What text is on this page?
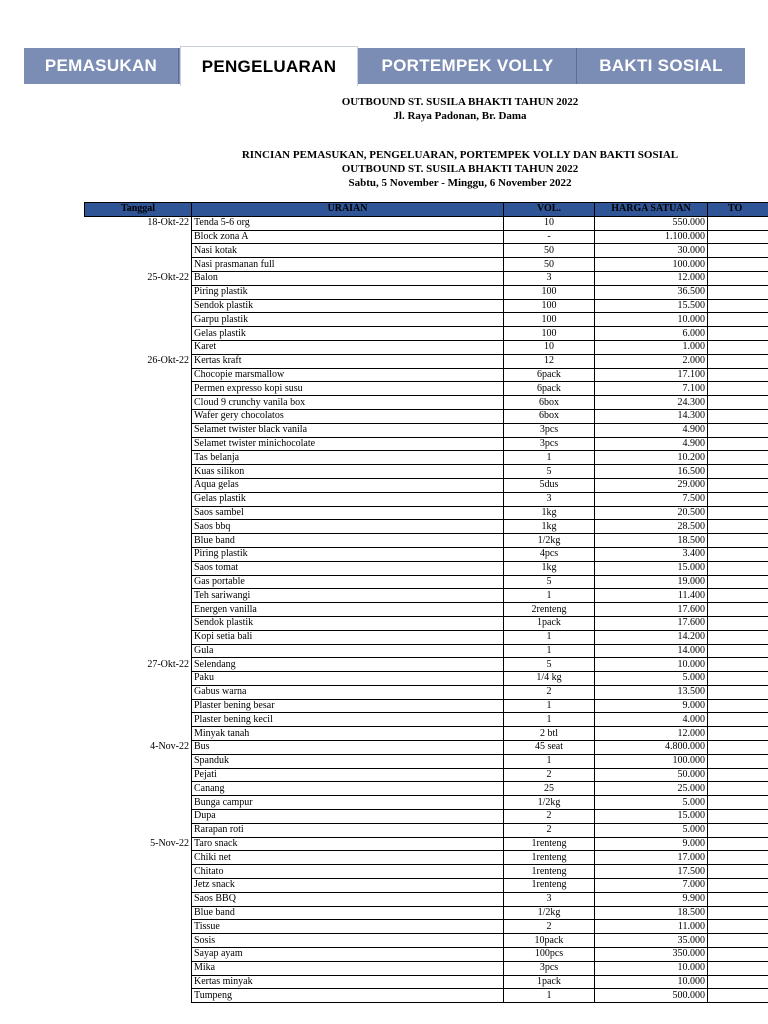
PEMASUKAN	PENGELUARAN	PORTEMPEK VOLLY	BAKTI SOSIAL
OUTBOUND ST. SUSILA BHAKTI TAHUN 2022
Jl. Raya Padonan, Br. Dama
RINCIAN PEMASUKAN, PENGELUARAN, PORTEMPEK VOLLY DAN BAKTI SOSIAL
OUTBOUND ST. SUSILA BHAKTI TAHUN 2022
Sabtu, 5 November - Minggu, 6 November 2022
Tanggal	URAIAN	VOL.	HARGA SATUAN	TO
18-Okt-22	Tenda 5-6 org	10	550.000	
	Block zona A	-	1.100.000	
	Nasi kotak	50	30.000	
	Nasi prasmanan full	50	100.000	
25-Okt-22	Balon	3	12.000	
	Piring plastik	100	36.500	
	Sendok plastik	100	15.500	
	Garpu plastik	100	10.000	
	Gelas plastik	100	6.000	
	Karet	10	1.000	
26-Okt-22	Kertas kraft	12	2.000	
	Chocopie marsmallow	6pack	17.100	
	Permen expresso kopi susu	6pack	7.100	
	Cloud 9 crunchy vanila box	6box	24.300	
	Wafer gery chocolatos	6box	14.300	
	Selamet twister black vanila	3pcs	4.900	
	Selamet twister minichocolate	3pcs	4.900	
	Tas belanja	1	10.200	
	Kuas silikon	5	16.500	
	Aqua gelas	5dus	29.000	
	Gelas plastik	3	7.500	
	Saos sambel	1kg	20.500	
	Saos bbq	1kg	28.500	
	Blue band	1/2kg	18.500	
	Piring plastik	4pcs	3.400	
	Saos tomat	1kg	15.000	
	Gas portable	5	19.000	
	Teh sariwangi	1	11.400	
	Energen vanilla	2renteng	17.600	
	Sendok plastik	1pack	17.600	
	Kopi setia bali	1	14.200	
	Gula	1	14.000	
27-Okt-22	Selendang	5	10.000	
	Paku	1/4 kg	5.000	
	Gabus warna	2	13.500	
	Plaster bening besar	1	9.000	
	Plaster bening kecil	1	4.000	
	Minyak tanah	2 btl	12.000	
4-Nov-22	Bus	45 seat	4.800.000	
	Spanduk	1	100.000	
	Pejati	2	50.000	
	Canang	25	25.000	
	Bunga campur	1/2kg	5.000	
	Dupa	2	15.000	
	Rarapan roti	2	5.000	
5-Nov-22	Taro snack	1renteng	9.000	
	Chiki net	1renteng	17.000	
	Chitato	1renteng	17.500	
	Jetz snack	1renteng	7.000	
	Saos BBQ	3	9.900	
	Blue band	1/2kg	18.500	
	Tissue	2	11.000	
	Sosis	10pack	35.000	
	Sayap ayam	100pcs	350.000	
	Mika	3pcs	10.000	
	Kertas minyak	1pack	10.000	
	Tumpeng	1	500.000	
